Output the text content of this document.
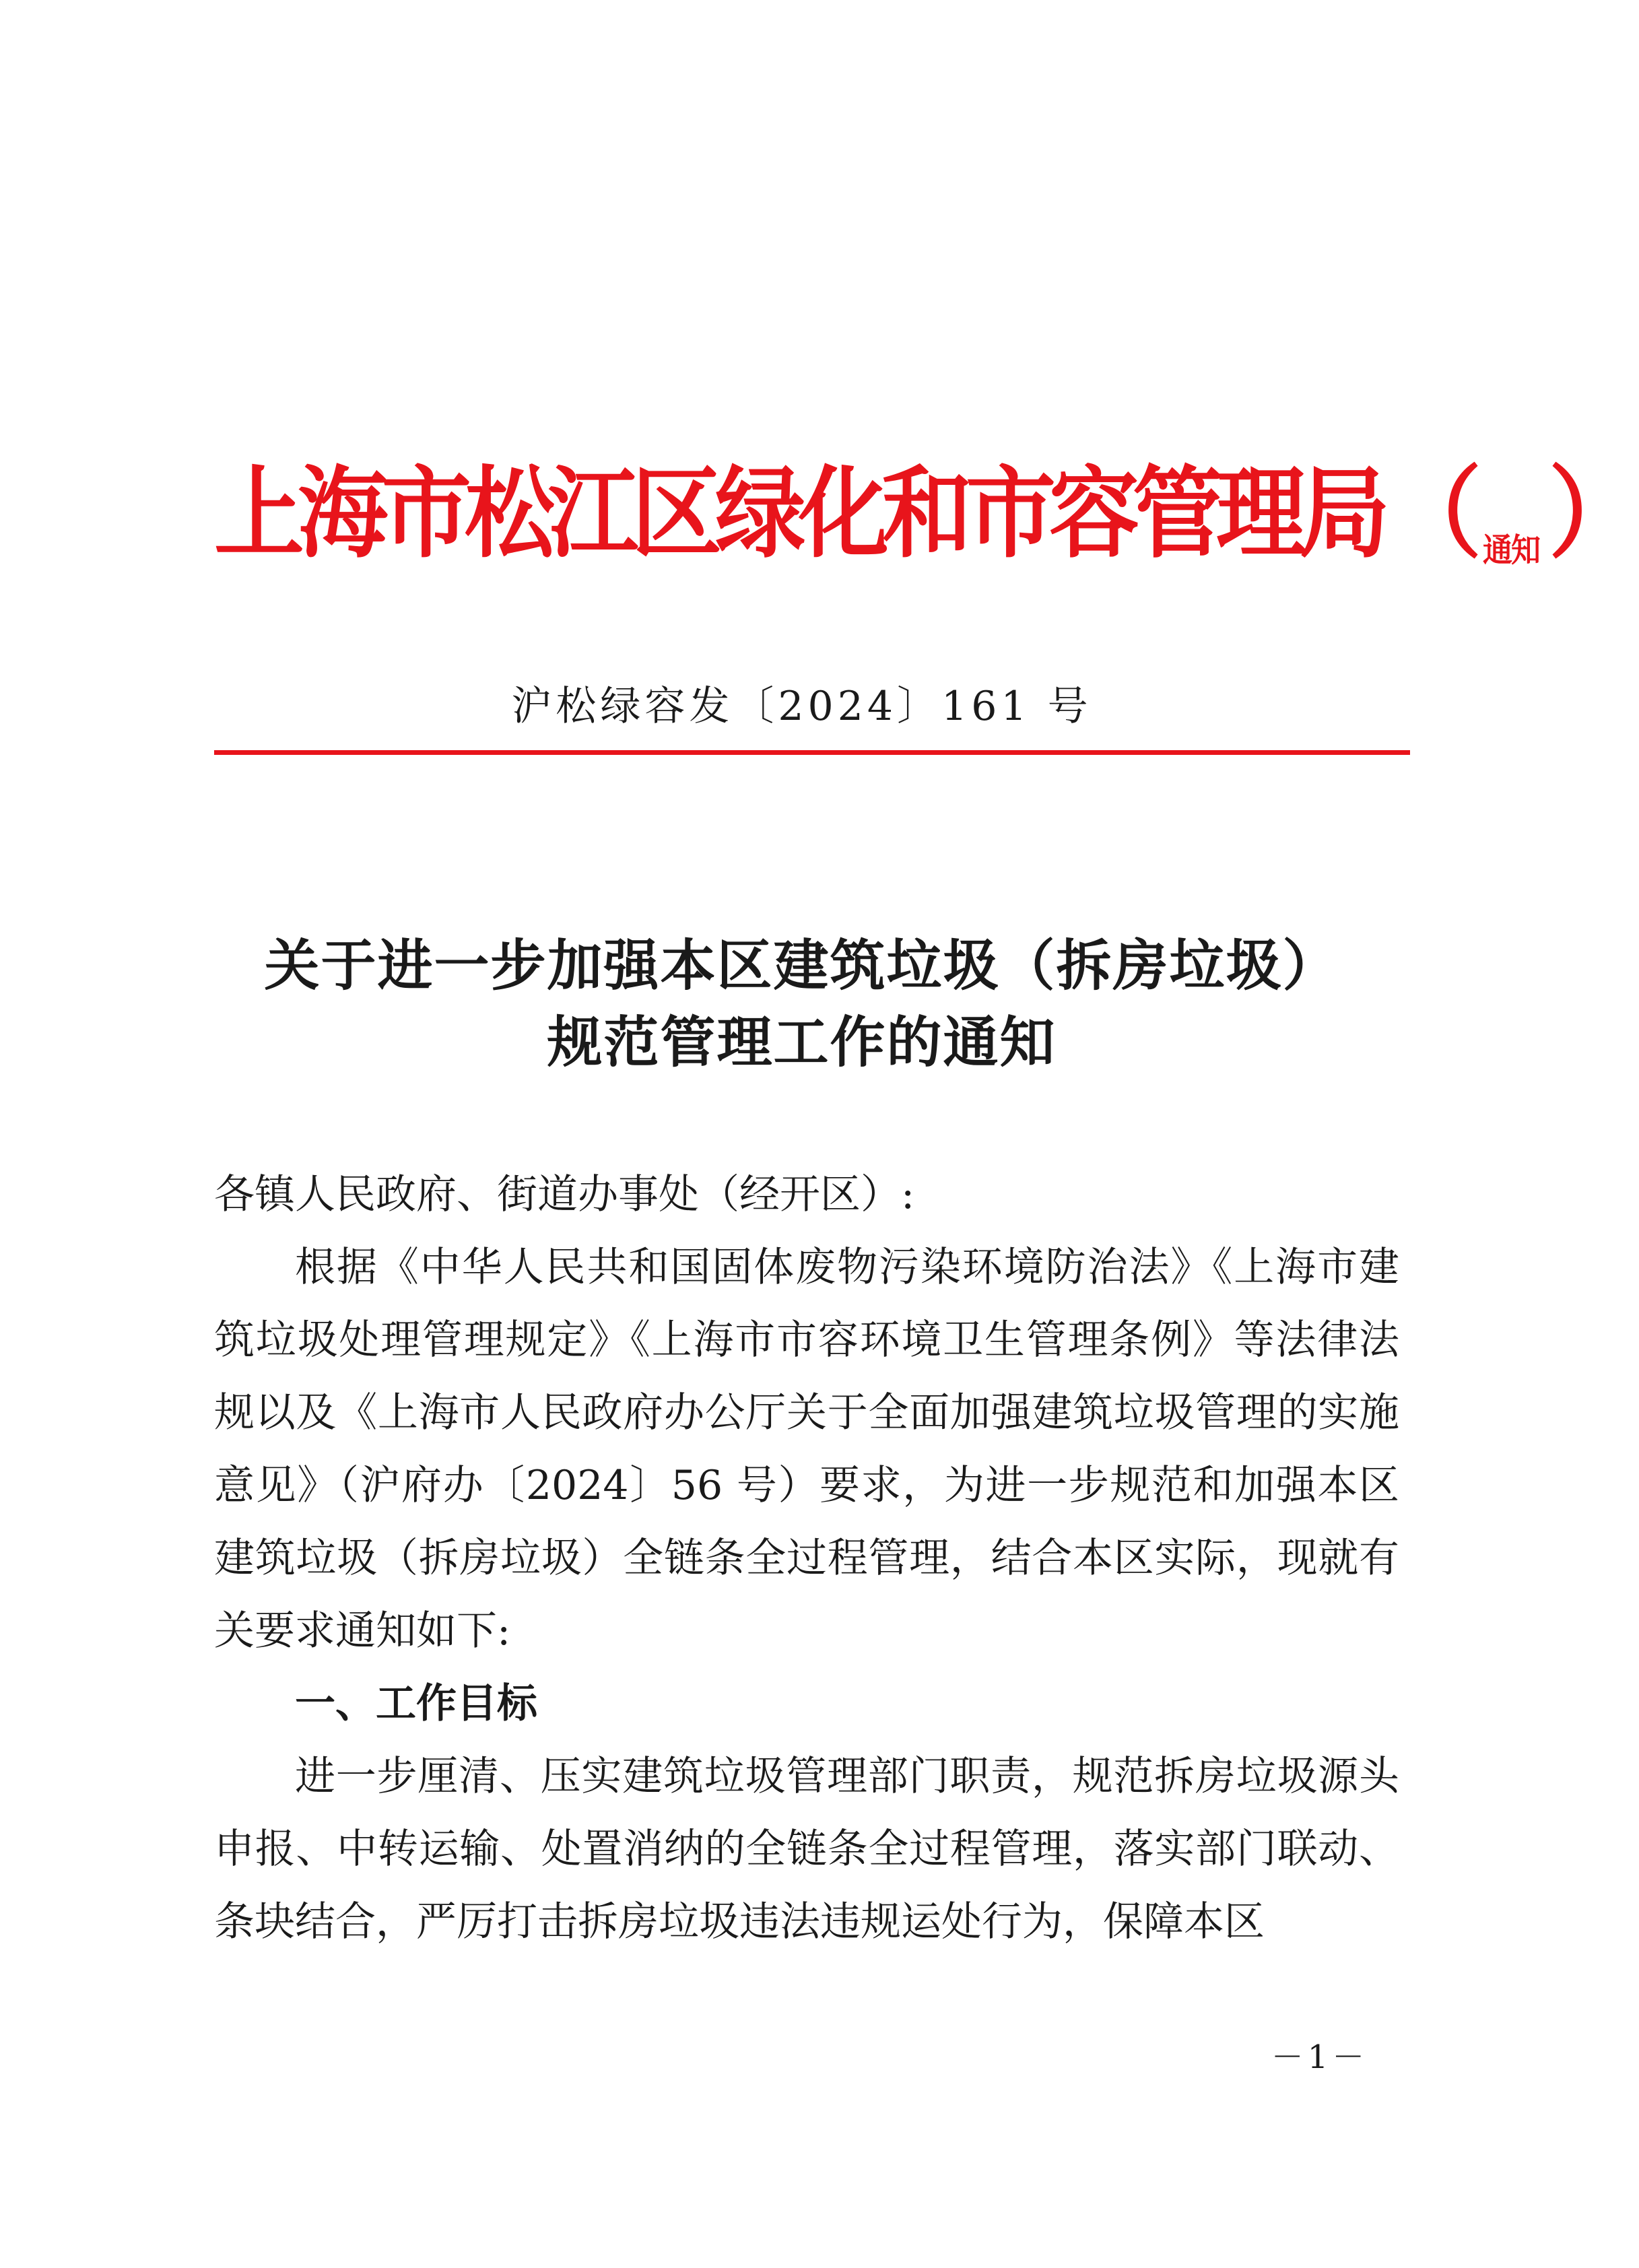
上海市松江区绿化和市容管理局（通知 ）
沪松绿容发〔2024〕161 号
关于进一步加强本区建筑垃圾（拆房垃圾）
规范管理工作的通知

各镇人民政府、街道办事处（经开区）:

根据《中华人民共和国固体废物污染环境防治法》《上海市建筑垃圾处理管理规定》《上海市市容环境卫生管理条例》等法律法规以及《上海市人民政府办公厅关于全面加强建筑垃圾管理的实施意见》（沪府办〔2024〕56 号）要求，为进一步规范和加强本区建筑垃圾（拆房垃圾）全链条全过程管理，结合本区实际，现就有关要求通知如下:

一、工作目标

进一步厘清、压实建筑垃圾管理部门职责，规范拆房垃圾源头申报、中转运输、处置消纳的全链条全过程管理，落实部门联动、条块结合，严厉打击拆房垃圾违法违规运处行为，保障本区

－1－
